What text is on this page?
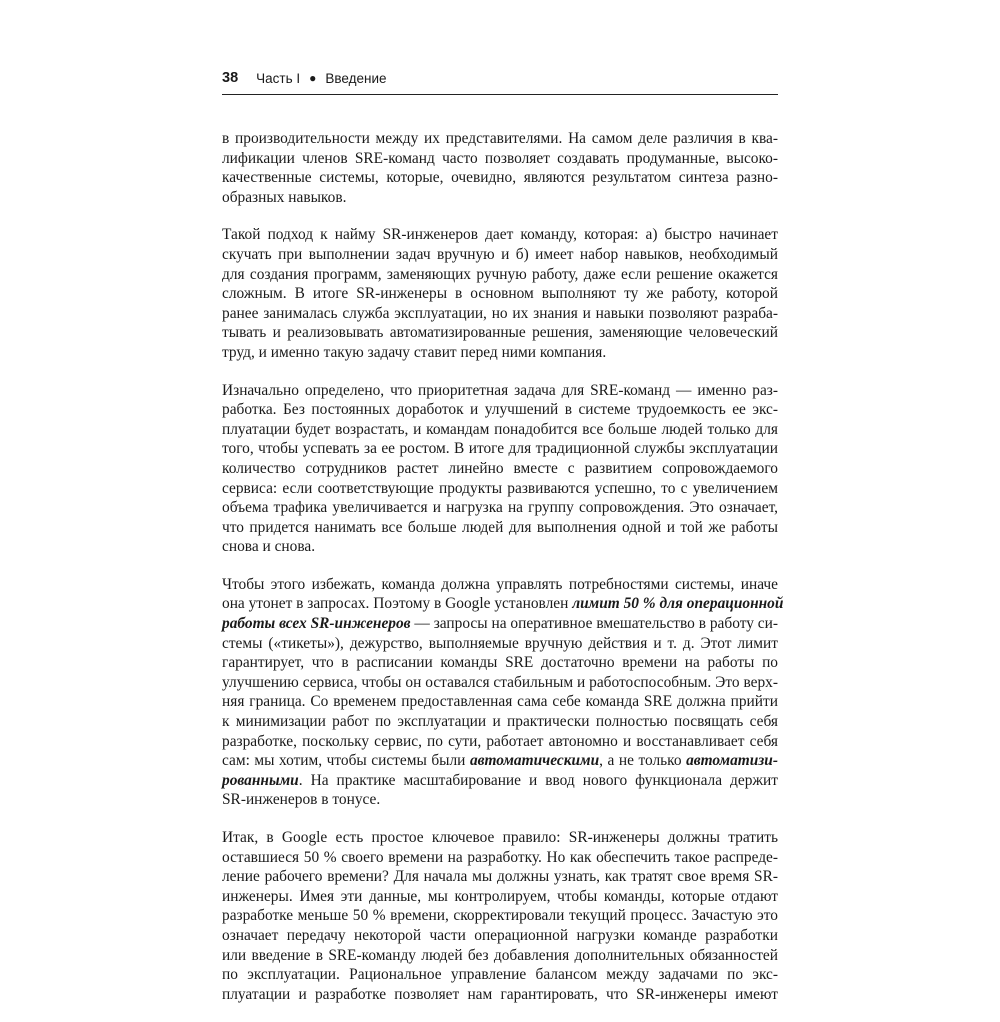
38 Часть I ● Введение

в производительности между их представителями. На самом деле различия в ква-
лификации членов SRE-команд часто позволяет создавать продуманные, высоко-
качественные системы, которые, очевидно, являются результатом синтеза разно-
образных навыков.

Такой подход к найму SR-инженеров дает команду, которая: а) быстро начинает
скучать при выполнении задач вручную и б) имеет набор навыков, необходимый
для создания программ, заменяющих ручную работу, даже если решение окажется
сложным. В итоге SR-инженеры в основном выполняют ту же работу, которой
ранее занималась служба эксплуатации, но их знания и навыки позволяют разраба-
тывать и реализовывать автоматизированные решения, заменяющие человеческий
труд, и именно такую задачу ставит перед ними компания.

Изначально определено, что приоритетная задача для SRE-команд — именно раз-
работка. Без постоянных доработок и улучшений в системе трудоемкость ее экс-
плуатации будет возрастать, и командам понадобится все больше людей только для
того, чтобы успевать за ее ростом. В итоге для традиционной службы эксплуатации
количество сотрудников растет линейно вместе с развитием сопровождаемого
сервиса: если соответствующие продукты развиваются успешно, то с увеличением
объема трафика увеличивается и нагрузка на группу сопровождения. Это означает,
что придется нанимать все больше людей для выполнения одной и той же работы
снова и снова.

Чтобы этого избежать, команда должна управлять потребностями системы, иначе
она утонет в запросах. Поэтому в Google установлен лимит 50 % для операционной
работы всех SR-инженеров — запросы на оперативное вмешательство в работу си-
стемы («тикеты»), дежурство, выполняемые вручную действия и т. д. Этот лимит
гарантирует, что в расписании команды SRE достаточно времени на работы по
улучшению сервиса, чтобы он оставался стабильным и работоспособным. Это верх-
няя граница. Со временем предоставленная сама себе команда SRE должна прийти
к минимизации работ по эксплуатации и практически полностью посвящать себя
разработке, поскольку сервис, по сути, работает автономно и восстанавливает себя
сам: мы хотим, чтобы системы были автоматическими, а не только автоматизи-
рованными. На практике масштабирование и ввод нового функционала держит
SR-инженеров в тонусе.

Итак, в Google есть простое ключевое правило: SR-инженеры должны тратить
оставшиеся 50 % своего времени на разработку. Но как обеспечить такое распреде-
ление рабочего времени? Для начала мы должны узнать, как тратят свое время SR-
инженеры. Имея эти данные, мы контролируем, чтобы команды, которые отдают
разработке меньше 50 % времени, скорректировали текущий процесс. Зачастую это
означает передачу некоторой части операционной нагрузки команде разработки
или введение в SRE-команду людей без добавления дополнительных обязанностей
по эксплуатации. Рациональное управление балансом между задачами по экс-
плуатации и разработке позволяет нам гарантировать, что SR-инженеры имеют
